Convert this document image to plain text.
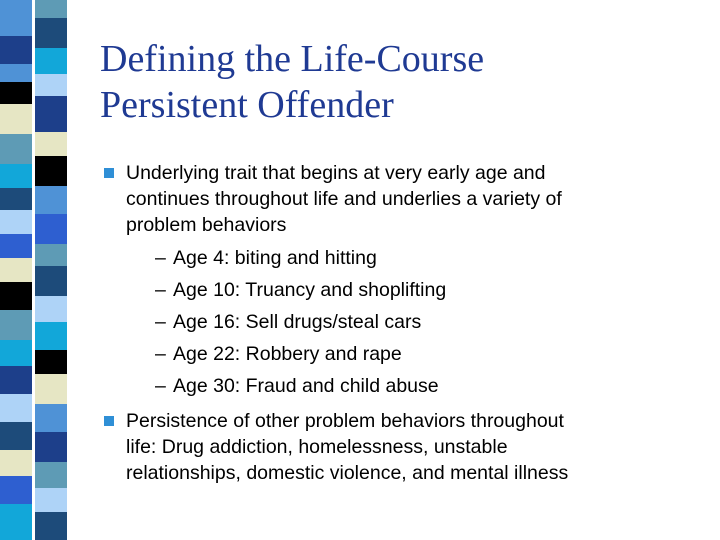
Defining the Life-Course
Persistent Offender
Underlying trait that begins at very early age and
continues throughout life and underlies a variety of
problem behaviors
– Age 4: biting and hitting
– Age 10: Truancy and shoplifting
– Age 16: Sell drugs/steal cars
– Age 22: Robbery and rape
– Age 30: Fraud and child abuse
Persistence of other problem behaviors throughout
life: Drug addiction, homelessness, unstable
relationships, domestic violence, and mental illness
